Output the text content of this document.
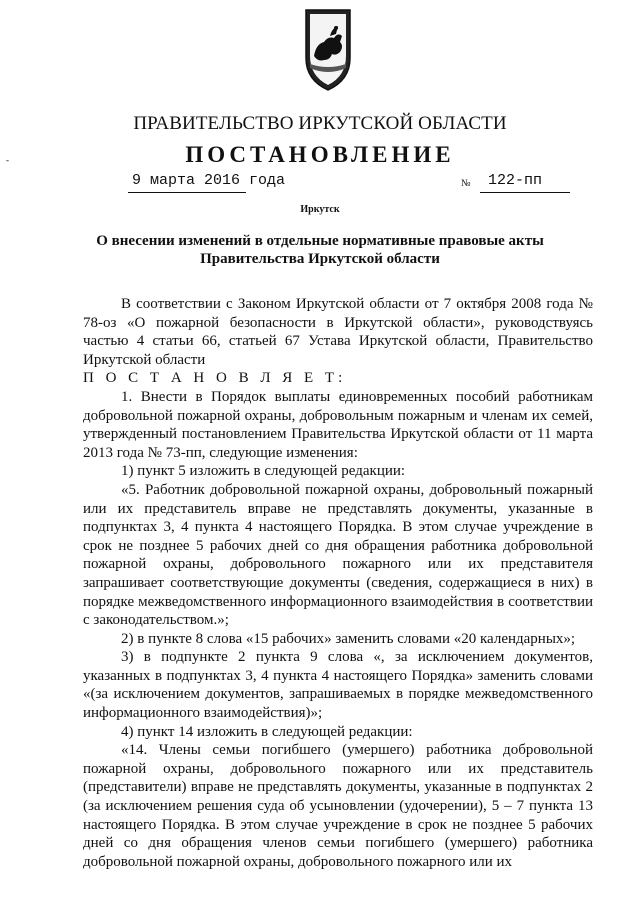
-
ПРАВИТЕЛЬСТВО ИРКУТСКОЙ ОБЛАСТИ
ПОСТАНОВЛЕНИЕ
9 марта 2016 года	№ 122-пп
Иркутск
О внесении изменений в отдельные нормативные правовые акты
Правительства Иркутской области

В соответствии с Законом Иркутской области от 7 октября 2008 года № 78-оз «О пожарной безопасности в Иркутской области», руководствуясь частью 4 статьи 66, статьей 67 Устава Иркутской области, Правительство Иркутской области

П О С Т А Н О В Л Я Е Т:

1. Внести в Порядок выплаты единовременных пособий работникам добровольной пожарной охраны, добровольным пожарным и членам их семей, утвержденный постановлением Правительства Иркутской области от 11 марта 2013 года № 73-пп, следующие изменения:

1) пункт 5 изложить в следующей редакции:

«5. Работник добровольной пожарной охраны, добровольный пожарный или их представитель вправе не представлять документы, указанные в подпунктах 3, 4 пункта 4 настоящего Порядка. В этом случае учреждение в срок не позднее 5 рабочих дней со дня обращения работника добровольной пожарной охраны, добровольного пожарного или их представителя запрашивает соответствующие документы (сведения, содержащиеся в них) в порядке межведомственного информационного взаимодействия в соответствии с законодательством.»;

2) в пункте 8 слова «15 рабочих» заменить словами «20 календарных»;

3) в подпункте 2 пункта 9 слова «, за исключением документов, указанных в подпунктах 3, 4 пункта 4 настоящего Порядка» заменить словами «(за исключением документов, запрашиваемых в порядке межведомственного информационного взаимодействия)»;

4) пункт 14 изложить в следующей редакции:

«14. Члены семьи погибшего (умершего) работника добровольной пожарной охраны, добровольного пожарного или их представитель (представители) вправе не представлять документы, указанные в подпунктах 2 (за исключением решения суда об усыновлении (удочерении), 5 – 7 пункта 13 настоящего Порядка. В этом случае учреждение в срок не позднее 5 рабочих дней со дня обращения членов семьи погибшего (умершего) работника добровольной пожарной охраны, добровольного пожарного или их
